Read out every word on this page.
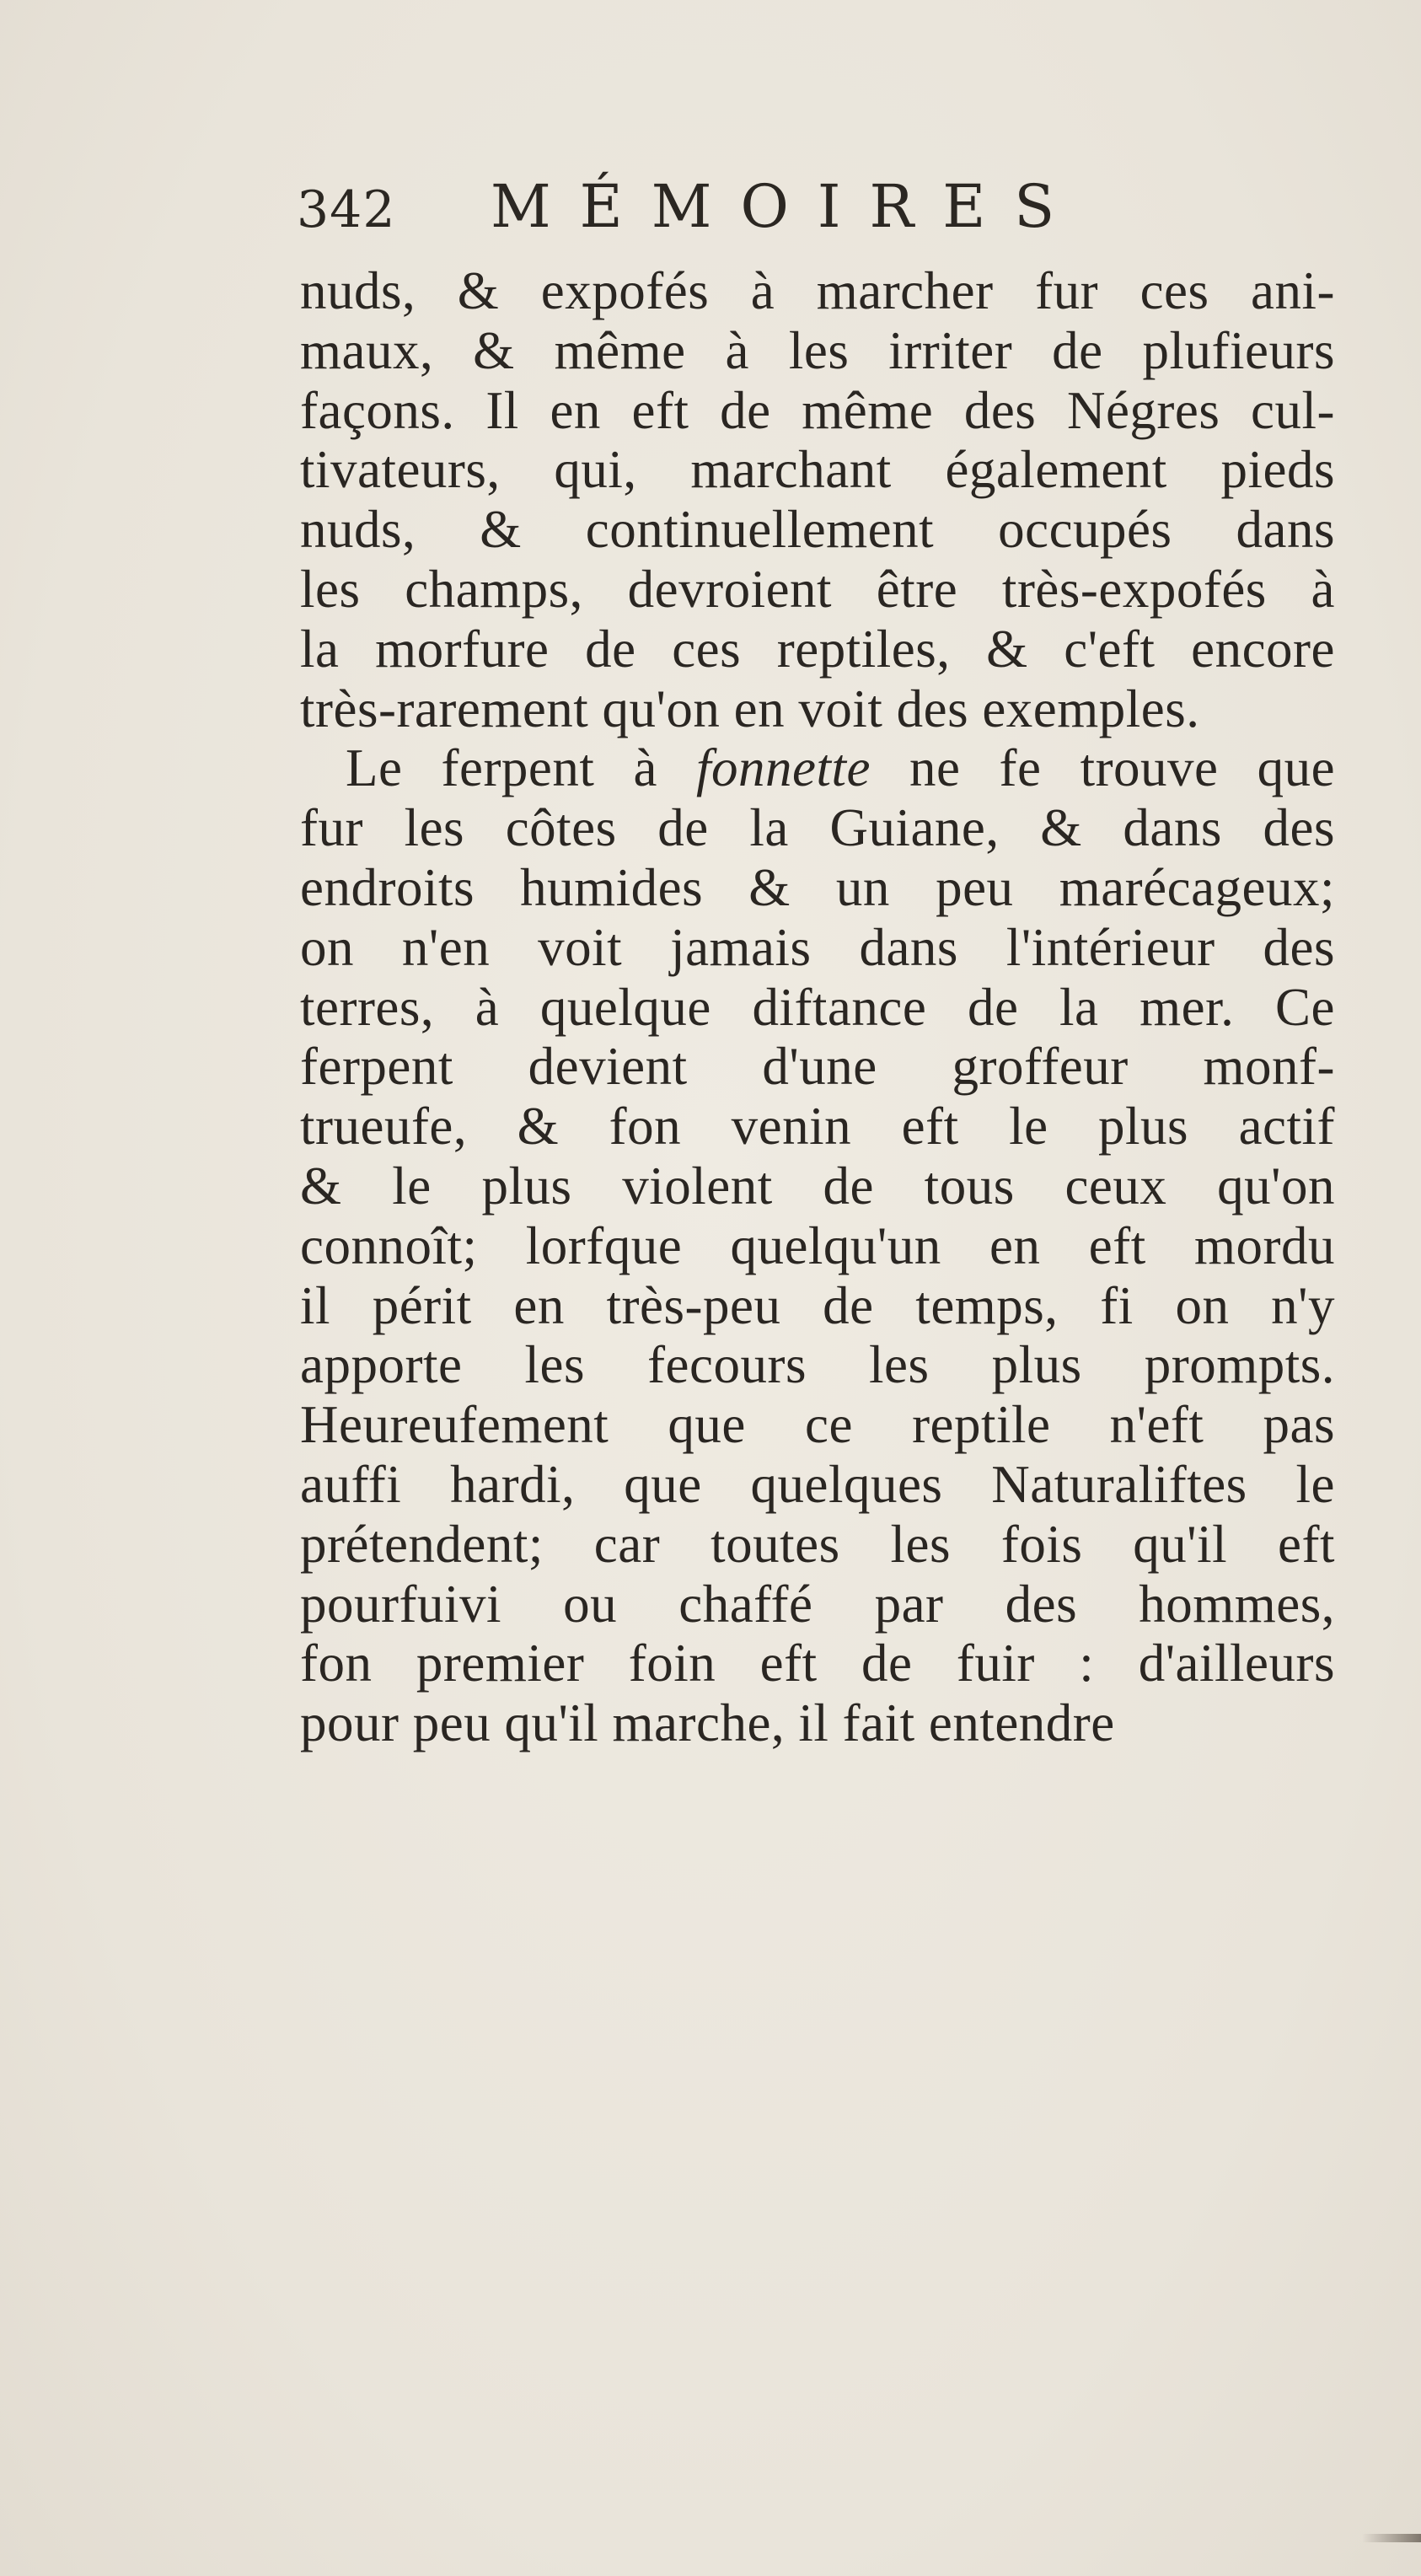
342 MÉMOIRES
nuds, & expofés à marcher fur ces ani-
maux, & même à les irriter de plufieurs
façons. Il en eft de même des Négres cul-
tivateurs, qui, marchant également pieds
nuds, & continuellement occupés dans
les champs, devroient être très-expofés à
la morfure de ces reptiles, & c'eft encore
très-rarement qu'on en voit des exemples.
Le ferpent à fonnette ne fe trouve que
fur les côtes de la Guiane, & dans des
endroits humides & un peu marécageux;
on n'en voit jamais dans l'intérieur des
terres, à quelque diftance de la mer. Ce
ferpent devient d'une groffeur monf-
trueufe, & fon venin eft le plus actif
& le plus violent de tous ceux qu'on
connoît; lorfque quelqu'un en eft mordu
il périt en très-peu de temps, fi on n'y
apporte les fecours les plus prompts.
Heureufement que ce reptile n'eft pas
auffi hardi, que quelques Naturaliftes le
prétendent; car toutes les fois qu'il eft
pourfuivi ou chaffé par des hommes,
fon premier foin eft de fuir : d'ailleurs
pour peu qu'il marche, il fait entendre
